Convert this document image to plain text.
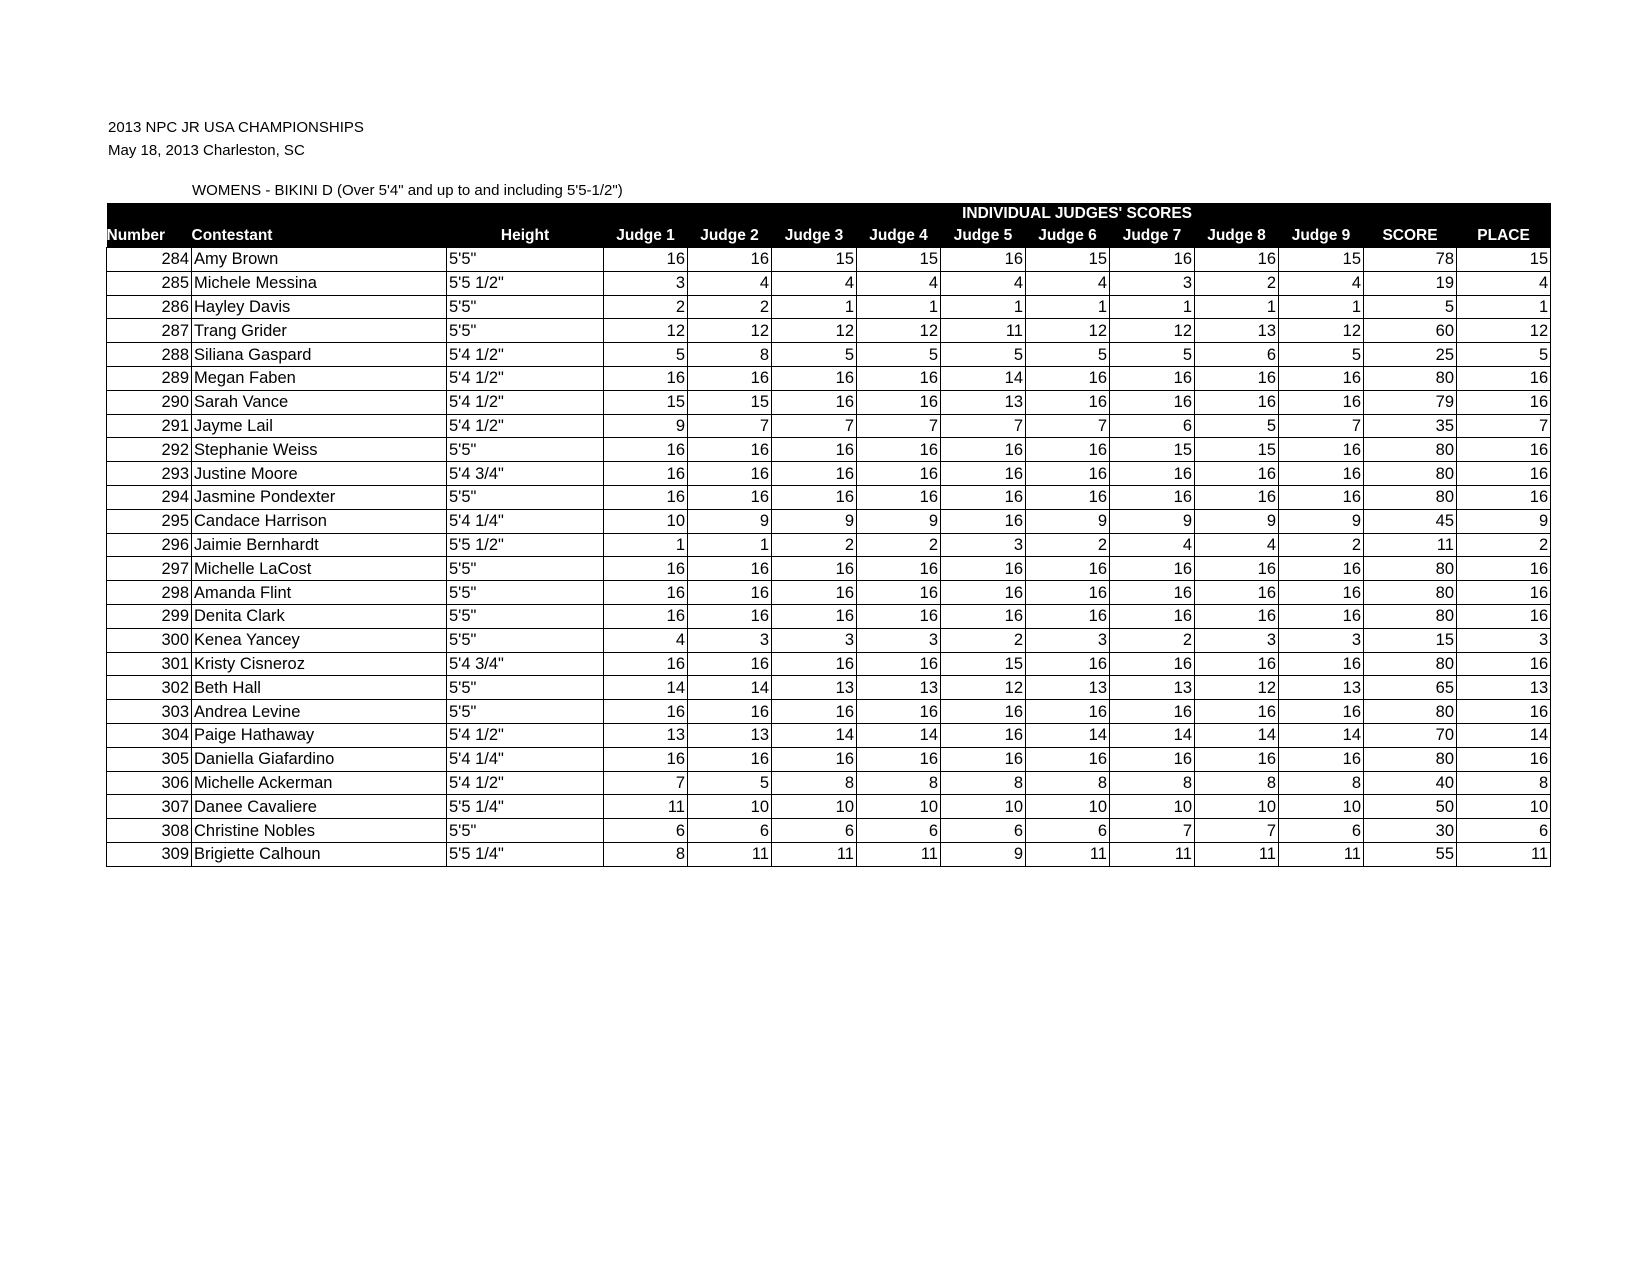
2013 NPC JR USA CHAMPIONSHIPS
May 18, 2013 Charleston, SC
WOMENS - BIKINI D (Over 5'4" and up to and including 5'5-1/2")
			INDIVIDUAL JUDGES' SCORES										
Number	Contestant	Height	Judge 1	Judge 2	Judge 3	Judge 4	Judge 5	Judge 6	Judge 7	Judge 8	Judge 9	SCORE	PLACE
284	Amy Brown	5'5"	16	16	15	15	16	15	16	16	15	78	15
285	Michele Messina	5'5 1/2"	3	4	4	4	4	4	3	2	4	19	4
286	Hayley Davis	5'5"	2	2	1	1	1	1	1	1	1	5	1
287	Trang Grider	5'5"	12	12	12	12	11	12	12	13	12	60	12
288	Siliana Gaspard	5'4 1/2"	5	8	5	5	5	5	5	6	5	25	5
289	Megan Faben	5'4 1/2"	16	16	16	16	14	16	16	16	16	80	16
290	Sarah Vance	5'4 1/2"	15	15	16	16	13	16	16	16	16	79	16
291	Jayme Lail	5'4 1/2"	9	7	7	7	7	7	6	5	7	35	7
292	Stephanie Weiss	5'5"	16	16	16	16	16	16	15	15	16	80	16
293	Justine Moore	5'4 3/4"	16	16	16	16	16	16	16	16	16	80	16
294	Jasmine Pondexter	5'5"	16	16	16	16	16	16	16	16	16	80	16
295	Candace Harrison	5'4 1/4"	10	9	9	9	16	9	9	9	9	45	9
296	Jaimie Bernhardt	5'5 1/2"	1	1	2	2	3	2	4	4	2	11	2
297	Michelle LaCost	5'5"	16	16	16	16	16	16	16	16	16	80	16
298	Amanda Flint	5'5"	16	16	16	16	16	16	16	16	16	80	16
299	Denita Clark	5'5"	16	16	16	16	16	16	16	16	16	80	16
300	Kenea Yancey	5'5"	4	3	3	3	2	3	2	3	3	15	3
301	Kristy Cisneroz	5'4 3/4"	16	16	16	16	15	16	16	16	16	80	16
302	Beth Hall	5'5"	14	14	13	13	12	13	13	12	13	65	13
303	Andrea Levine	5'5"	16	16	16	16	16	16	16	16	16	80	16
304	Paige Hathaway	5'4 1/2"	13	13	14	14	16	14	14	14	14	70	14
305	Daniella Giafardino	5'4 1/4"	16	16	16	16	16	16	16	16	16	80	16
306	Michelle Ackerman	5'4 1/2"	7	5	8	8	8	8	8	8	8	40	8
307	Danee Cavaliere	5'5 1/4"	11	10	10	10	10	10	10	10	10	50	10
308	Christine Nobles	5'5"	6	6	6	6	6	6	7	7	6	30	6
309	Brigiette Calhoun	5'5 1/4"	8	11	11	11	9	11	11	11	11	55	11
